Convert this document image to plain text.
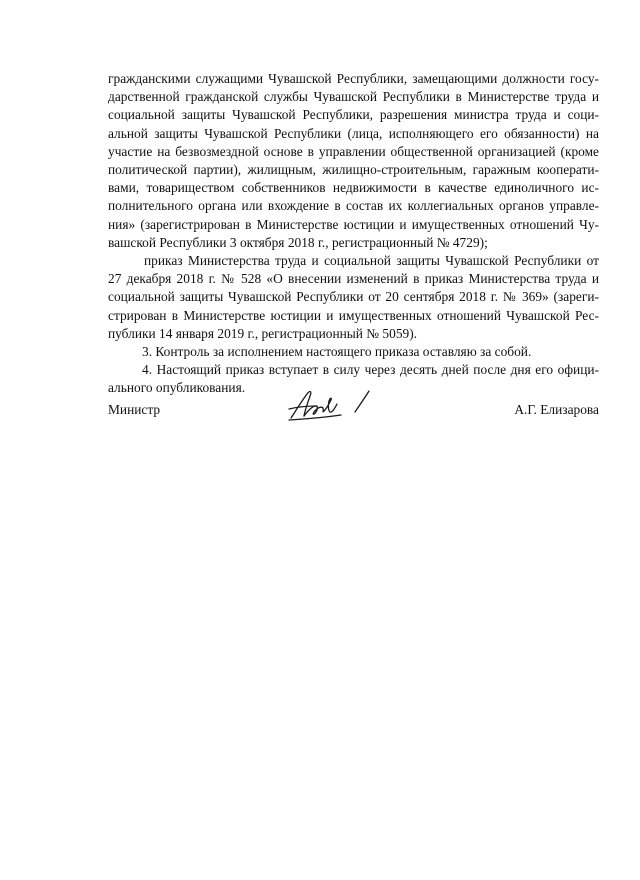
гражданскими служащими Чувашской Республики, замещающими должности госу-
дарственной гражданской службы Чувашской Республики в Министерстве труда и
социальной защиты Чувашской Республики, разрешения министра труда и соци-
альной защиты Чувашской Республики (лица, исполняющего его обязанности) на
участие на безвозмездной основе в управлении общественной организацией (кроме
политической партии), жилищным, жилищно-строительным, гаражным кооперати-
вами, товариществом собственников недвижимости в качестве единоличного ис-
полнительного органа или вхождение в состав их коллегиальных органов управле-
ния» (зарегистрирован в Министерстве юстиции и имущественных отношений Чу-
вашской Республики 3 октября 2018 г., регистрационный № 4729);
приказ Министерства труда и социальной защиты Чувашской Республики от
27 декабря 2018 г. № 528 «О внесении изменений в приказ Министерства труда и
социальной защиты Чувашской Республики от 20 сентября 2018 г. № 369» (зареги-
стрирован в Министерстве юстиции и имущественных отношений Чувашской Рес-
публики 14 января 2019 г., регистрационный № 5059).
3. Контроль за исполнением настоящего приказа оставляю за собой.
4. Настоящий приказ вступает в силу через десять дней после дня его офици-
ального опубликования.
Министр	А.Г. Елизарова
